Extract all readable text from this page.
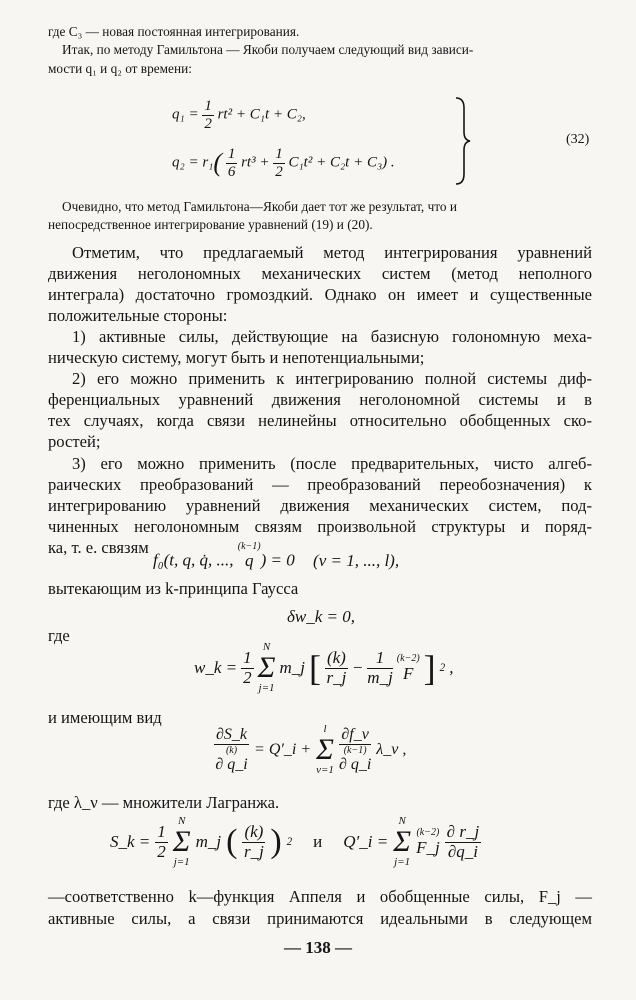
где C₃ — новая постоянная интегрирования.
Итак, по методу Гамильтона — Якоби получаем следующий вид зависи-
мости q₁ и q₂ от времени:
$q_1 = \frac{1}{2} rt^2 + C_1t + C_2$,
$q_2 = r_1( \frac{1}{6} rt^3 + \frac{1}{2} C_1t^2 + C_2t + C_3)$ .
(32)
Очевидно, что метод Гамильтона—Якоби дает тот же результат, что и
непосредственное интегрирование уравнений (19) и (20).
Отметим, что предлагаемый метод интегрирования уравнений
движения неголономных механических систем (метод неполного
интеграла) достаточно громоздкий. Однако он имеет и существенные
положительные стороны:
1) активные силы, действующие на базисную голономную меха-
ническую систему, могут быть и непотенциальными;
2) его можно применить к интегрированию полной системы диф-
ференциальных уравнений движения неголономной системы и в
тех случаях, когда связи нелинейны относительно обобщенных ско-
ростей;
3) его можно применить (после предварительных, чисто алгеб-
раических преобразований — преобразований переобозначения) к
интегрированию уравнений движения механических систем, под-
чиненных неголономным связям произвольной структуры и поряд-
ка, т. е. связям
f₀(t, q, q̇, ...,
(k−1)
q ) = 0 (ν = 1, ..., l),
вытекающим из k-принципа Гаусса
δw_k = 0,
где
w_k = $\frac{1}{2}$
N
Σ
j=1
m_j [ $\frac{(k)}{r\_j} - \frac{1}{m\_j} (k-2)$
F ] 2 ,
и имеющим вид
∂S_k
(k)
∂ q_i = Q′_i +
l
Σ
ν=1 ∂f_ν
(k−1)
∂ q_i λ_ν ,
где λ_ν — множители Лагранжа.
S_k = $\frac{1}{2}$
N
Σ
j=1
m_j ( $\frac{(k)}{r\_j}$ ) 2 и Q′_i =
N
Σ
j=1
(k−2)
F_j $\frac{\partial r\_j}{\partial q\_i}$
—соответственно k—функция Аппеля и обобщенные силы, F_j —
активные силы, а связи принимаются идеальными в следующем
— 138 —
